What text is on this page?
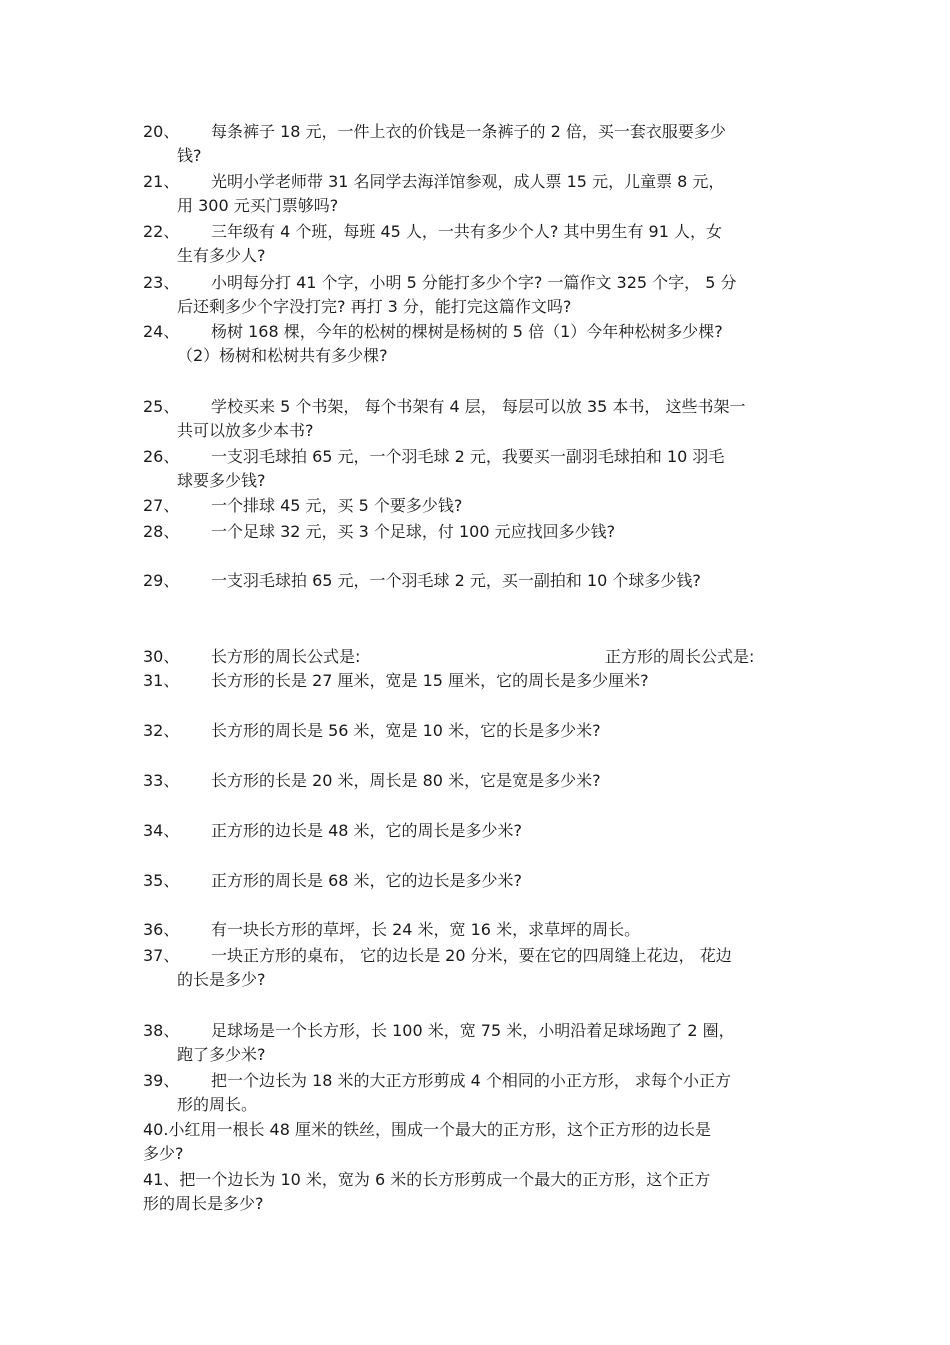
20、 每条裤子 18 元，一件上衣的价钱是一条裤子的 2 倍，买一套衣服要多少
钱?
21、 光明小学老师带 31 名同学去海洋馆参观，成人票 15 元，儿童票 8 元，
用 300 元买门票够吗?
22、 三年级有 4 个班，每班 45 人，一共有多少个人? 其中男生有 91 人，女
生有多少人?
23、 小明每分打 41 个字，小明 5 分能打多少个字? 一篇作文 325 个字， 5 分
后还剩多少个字没打完? 再打 3 分，能打完这篇作文吗?
24、 杨树 168 棵，今年的松树的棵树是杨树的 5 倍（1）今年种松树多少棵?
（2）杨树和松树共有多少棵?
25、 学校买来 5 个书架， 每个书架有 4 层， 每层可以放 35 本书， 这些书架一
共可以放多少本书?
26、 一支羽毛球拍 65 元，一个羽毛球 2 元，我要买一副羽毛球拍和 10 羽毛
球要多少钱?
27、 一个排球 45 元，买 5 个要多少钱?
28、 一个足球 32 元，买 3 个足球，付 100 元应找回多少钱?
29、 一支羽毛球拍 65 元，一个羽毛球 2 元，买一副拍和 10 个球多少钱?
30、 长方形的周长公式是:	正方形的周长公式是:
31、 长方形的长是 27 厘米，宽是 15 厘米，它的周长是多少厘米?
32、 长方形的周长是 56 米，宽是 10 米，它的长是多少米?
33、 长方形的长是 20 米，周长是 80 米，它是宽是多少米?
34、 正方形的边长是 48 米，它的周长是多少米?
35、 正方形的周长是 68 米，它的边长是多少米?
36、 有一块长方形的草坪，长 24 米，宽 16 米，求草坪的周长。
37、 一块正方形的桌布， 它的边长是 20 分米，要在它的四周缝上花边， 花边
的长是多少?
38、 足球场是一个长方形，长 100 米，宽 75 米，小明沿着足球场跑了 2 圈，
跑了多少米?
39、 把一个边长为 18 米的大正方形剪成 4 个相同的小正方形， 求每个小正方
形的周长。
40.小红用一根长 48 厘米的铁丝，围成一个最大的正方形，这个正方形的边长是
多少?
41、把一个边长为 10 米，宽为 6 米的长方形剪成一个最大的正方形，这个正方
形的周长是多少?
